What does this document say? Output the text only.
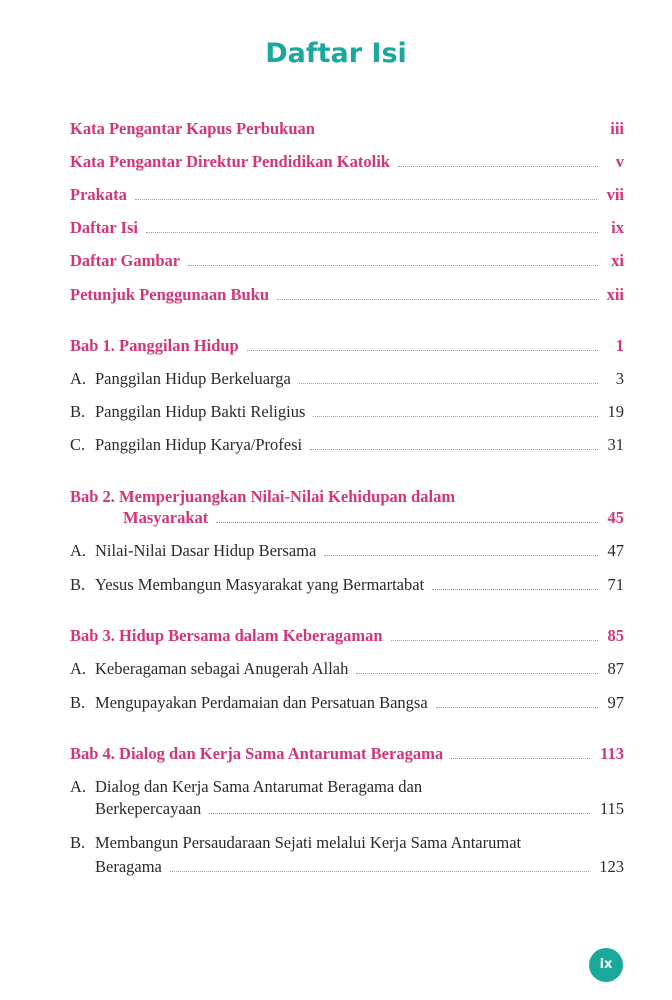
Daftar Isi
Kata Pengantar Kapus Perbukuan	iii
Kata Pengantar Direktur Pendidikan Katolik	v
Prakata	vii
Daftar Isi	ix
Daftar Gambar	xi
Petunjuk Penggunaan Buku	xii
Bab 1. Panggilan Hidup	1
A. Panggilan Hidup Berkeluarga	3
B. Panggilan Hidup Bakti Religius	19
C. Panggilan Hidup Karya/Profesi	31
Bab 2. Memperjuangkan Nilai-Nilai Kehidupan dalam
Masyarakat	45
A. Nilai-Nilai Dasar Hidup Bersama	47
B. Yesus Membangun Masyarakat yang Bermartabat	71
Bab 3. Hidup Bersama dalam Keberagaman	85
A. Keberagaman sebagai Anugerah Allah	87
B. Mengupayakan Perdamaian dan Persatuan Bangsa	97
Bab 4. Dialog dan Kerja Sama Antarumat Beragama	113
A. Dialog dan Kerja Sama Antarumat Beragama dan
Berkepercayaan	115
B. Membangun Persaudaraan Sejati melalui Kerja Sama Antarumat
Beragama	123
ix
